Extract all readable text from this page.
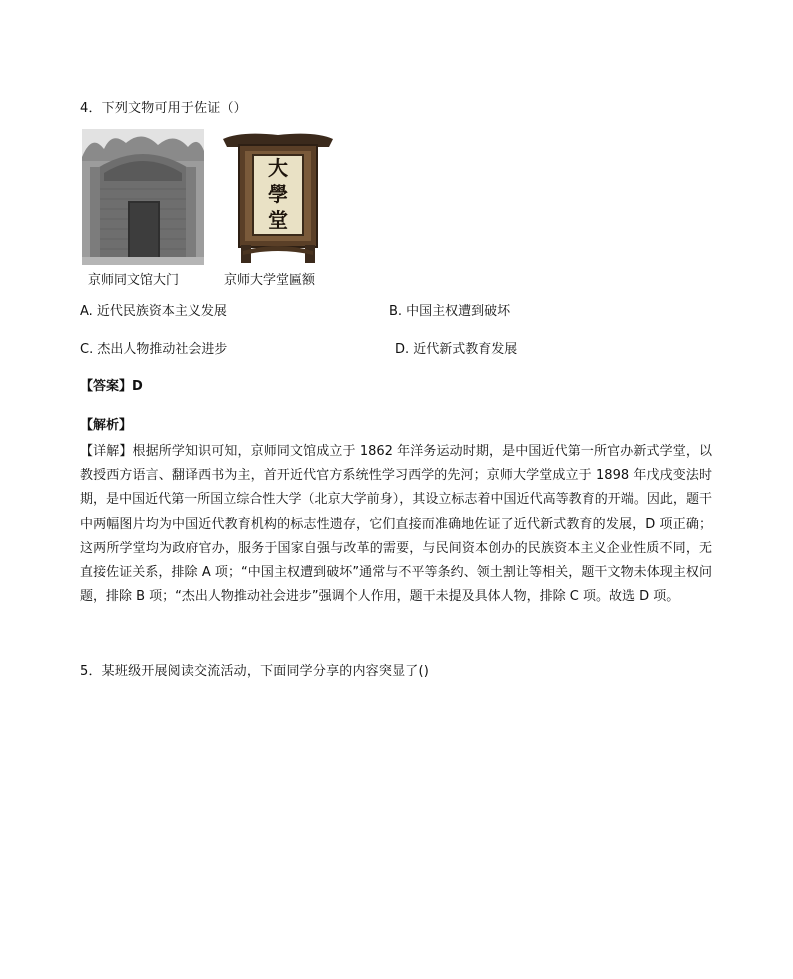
4．下列文物可用于佐证（）
大
學
堂
京师同文馆大门	京师大学堂匾额
A. 近代民族资本主义发展	B. 中国主权遭到破坏
C. 杰出人物推动社会进步	D. 近代新式教育发展
【答案】D
【解析】
【详解】根据所学知识可知，京师同文馆成立于 1862 年洋务运动时期，是中国近代第一所官办新式学堂，以教授西方语言、翻译西书为主，首开近代官方系统性学习西学的先河；京师大学堂成立于 1898 年戊戌变法时期，是中国近代第一所国立综合性大学（北京大学前身），其设立标志着中国近代高等教育的开端。因此，题干中两幅图片均为中国近代教育机构的标志性遗存，它们直接而准确地佐证了近代新式教育的发展，D 项正确；这两所学堂均为政府官办，服务于国家自强与改革的需要，与民间资本创办的民族资本主义企业性质不同，无直接佐证关系，排除 A 项；“中国主权遭到破坏”通常与不平等条约、领土割让等相关，题干文物未体现主权问题，排除 B 项；“杰出人物推动社会进步”强调个人作用，题干未提及具体人物，排除 C 项。故选 D 项。
5．某班级开展阅读交流活动，下面同学分享的内容突显了()
